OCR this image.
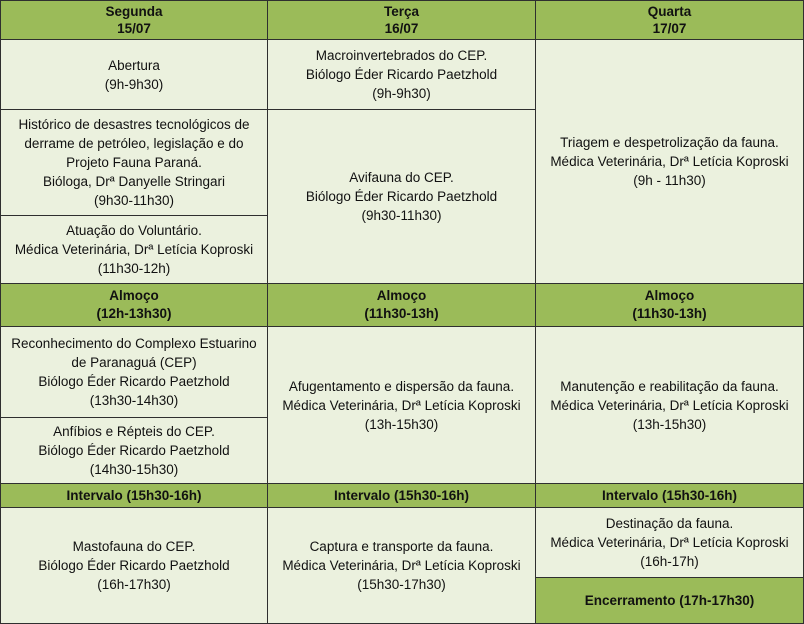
Segunda
15/07
Terça
16/07
Quarta
17/07
Abertura
(9h-9h30)
Histórico de desastres tecnológicos de
derrame de petróleo, legislação e do
Projeto Fauna Paraná.
Bióloga, Drª Danyelle Stringari
(9h30-11h30)
Atuação do Voluntário.
Médica Veterinária, Drª Letícia Koproski
(11h30-12h)
Macroinvertebrados do CEP.
Biólogo Éder Ricardo Paetzhold
(9h-9h30)
Avifauna do CEP.
Biólogo Éder Ricardo Paetzhold
(9h30-11h30)
Triagem e despetrolização da fauna.
Médica Veterinária, Drª Letícia Koproski
(9h - 11h30)
Almoço
(12h-13h30)
Almoço
(11h30-13h)
Almoço
(11h30-13h)
Reconhecimento do Complexo Estuarino
de Paranaguá (CEP)
Biólogo Éder Ricardo Paetzhold
(13h30-14h30)
Anfíbios e Répteis do CEP.
Biólogo Éder Ricardo Paetzhold
(14h30-15h30)
Afugentamento e dispersão da fauna.
Médica Veterinária, Drª Letícia Koproski
(13h-15h30)
Manutenção e reabilitação da fauna.
Médica Veterinária, Drª Letícia Koproski
(13h-15h30)
Intervalo (15h30-16h)	Intervalo (15h30-16h)	Intervalo (15h30-16h)
Mastofauna do CEP.
Biólogo Éder Ricardo Paetzhold
(16h-17h30)
Captura e transporte da fauna.
Médica Veterinária, Drª Letícia Koproski
(15h30-17h30)
Destinação da fauna.
Médica Veterinária, Drª Letícia Koproski
(16h-17h)
Encerramento (17h-17h30)
